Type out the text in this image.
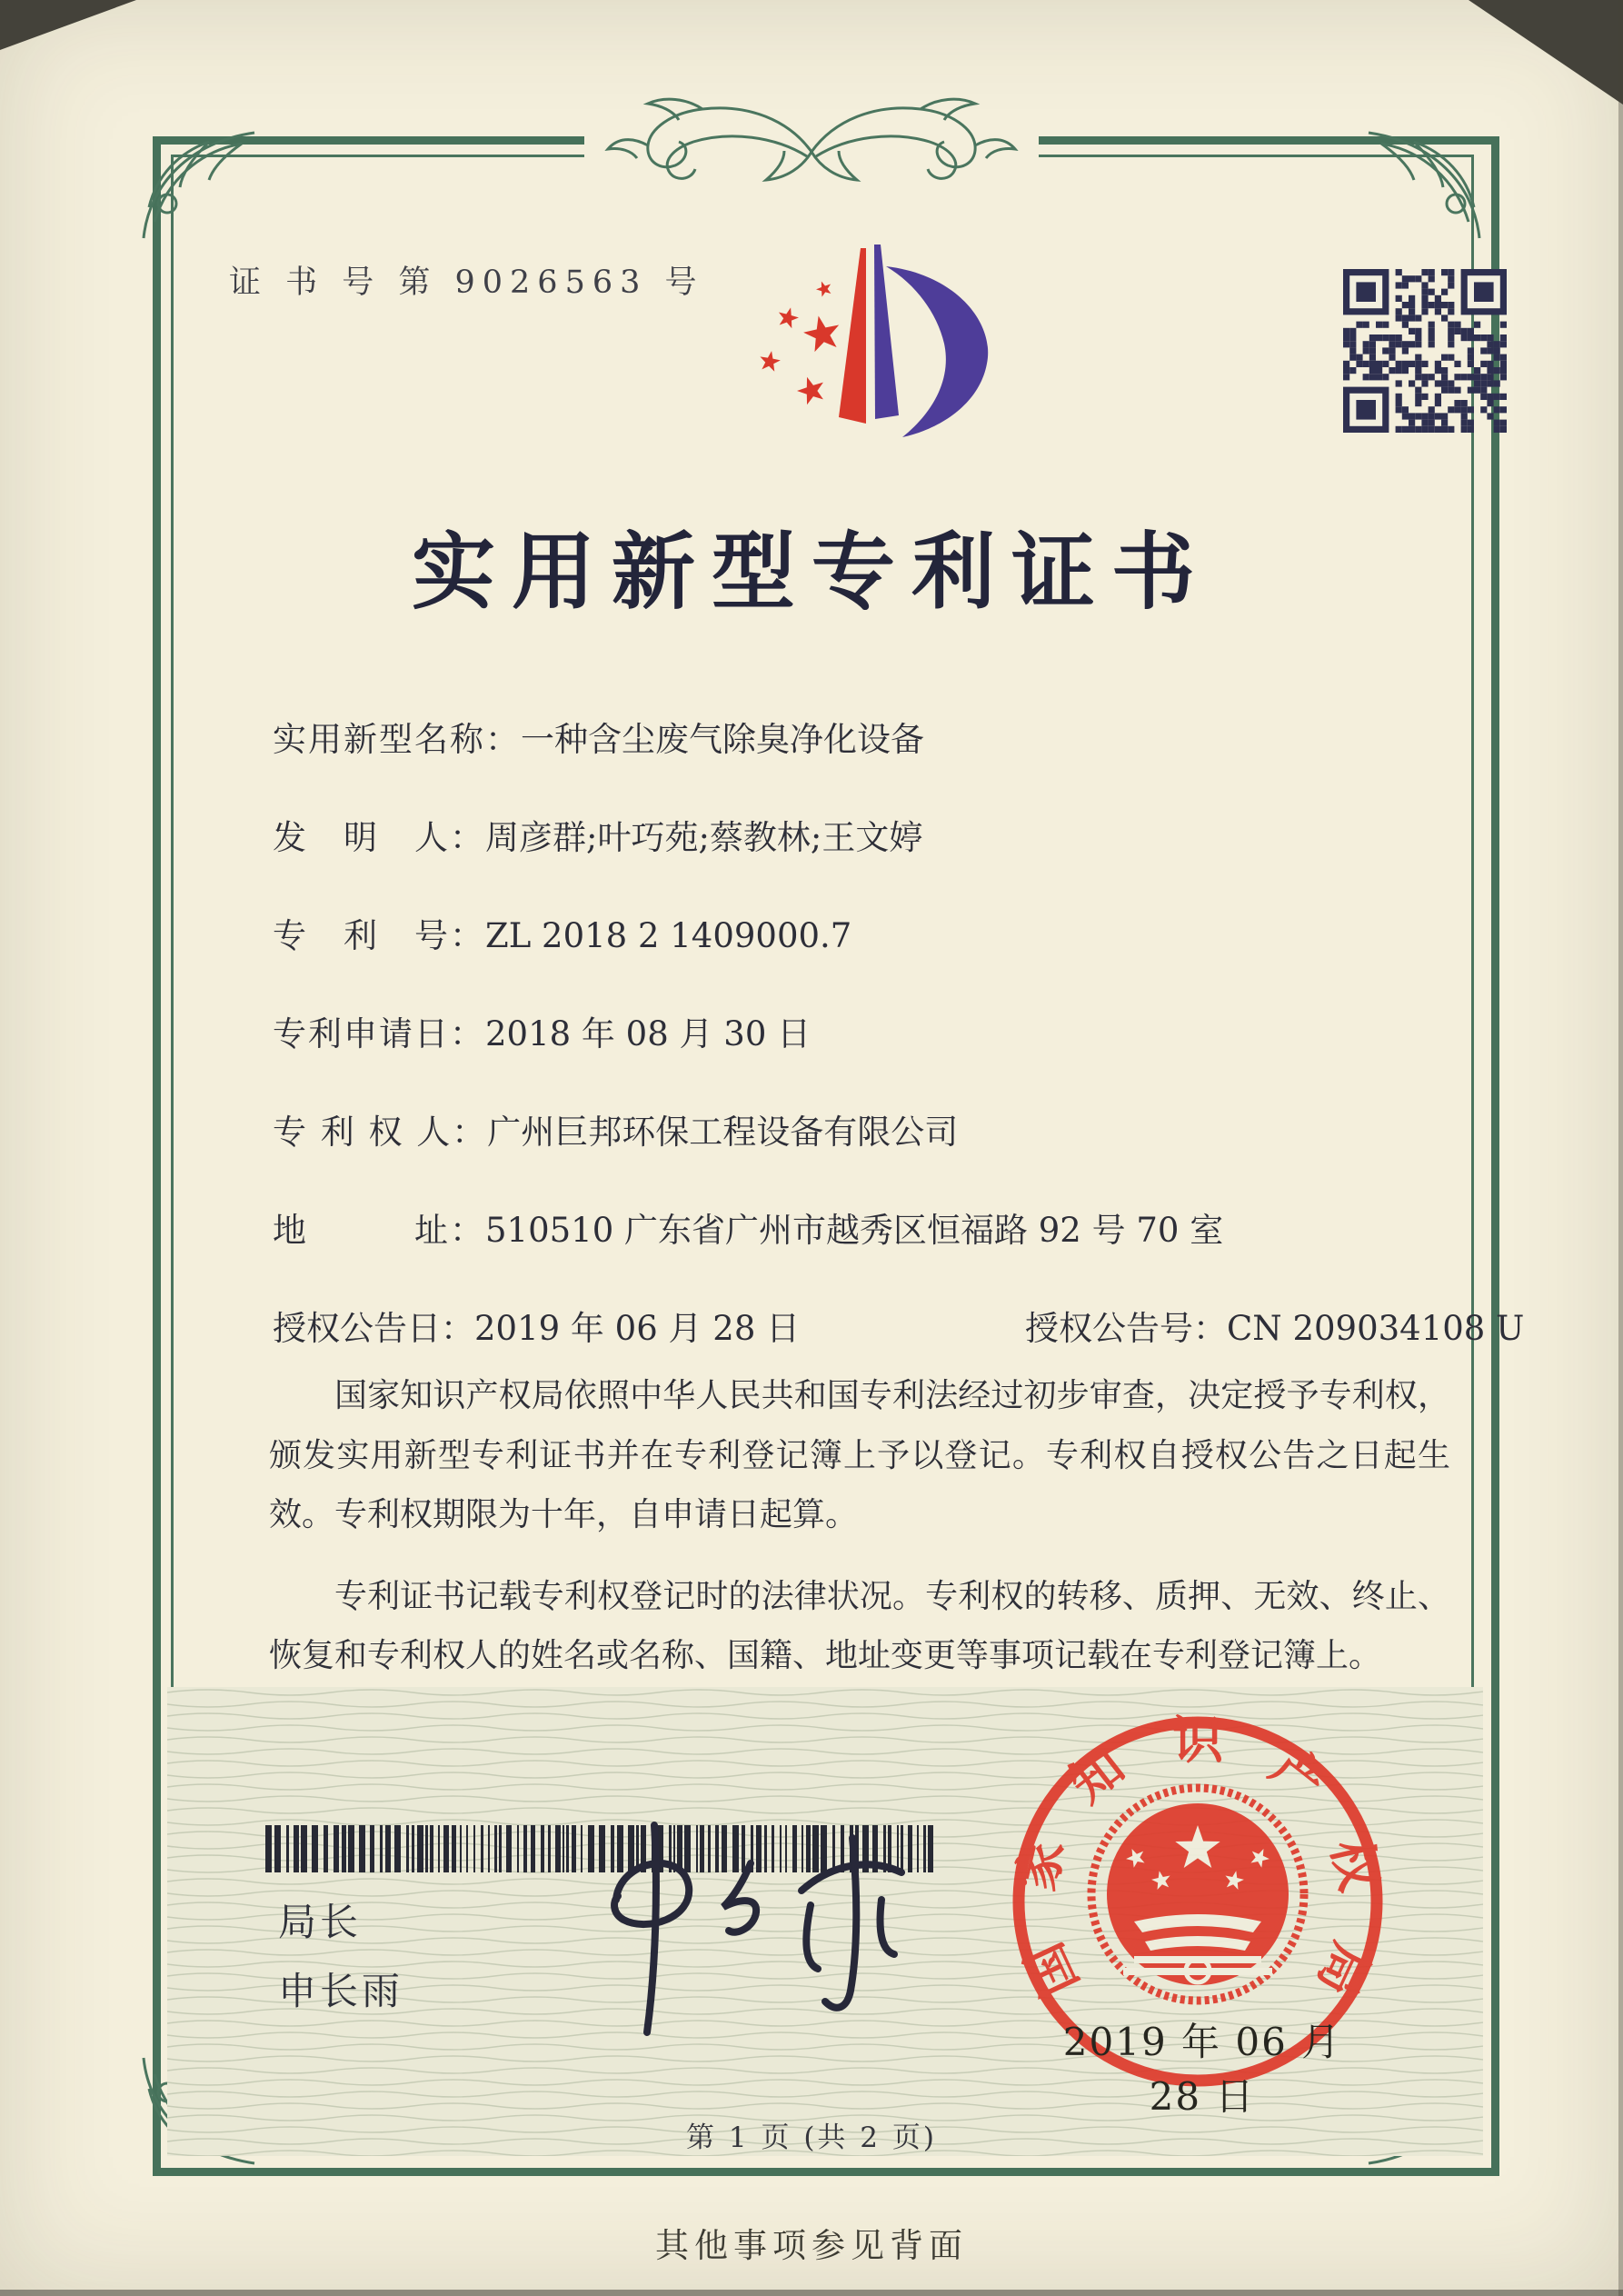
证 书 号 第 9026563 号
实用新型专利证书
实用新型名称：一种含尘废气除臭净化设备
发　明　人：周彦群;叶巧苑;蔡教林;王文婷
专　利　号：ZL 2018 2 1409000.7
专利申请日：2018 年 08 月 30 日
专 利 权 人：广州巨邦环保工程设备有限公司
地　　　址：510510 广东省广州市越秀区恒福路 92 号 70 室
授权公告日：2019 年 06 月 28 日	授权公告号：CN 209034108 U

国家知识产权局依照中华人民共和国专利法经过初步审查，决定授予专利权，颁发实用新型专利证书并在专利登记簿上予以登记。专利权自授权公告之日起生效。专利权期限为十年，自申请日起算。

专利证书记载专利权登记时的法律状况。专利权的转移、质押、无效、终止、恢复和专利权人的姓名或名称、国籍、地址变更等事项记载在专利登记簿上。

局长
申长雨	国
家
知 识 产
权
局
2019 年 06 月 28 日
第 1 页 (共 2 页)
其他事项参见背面
